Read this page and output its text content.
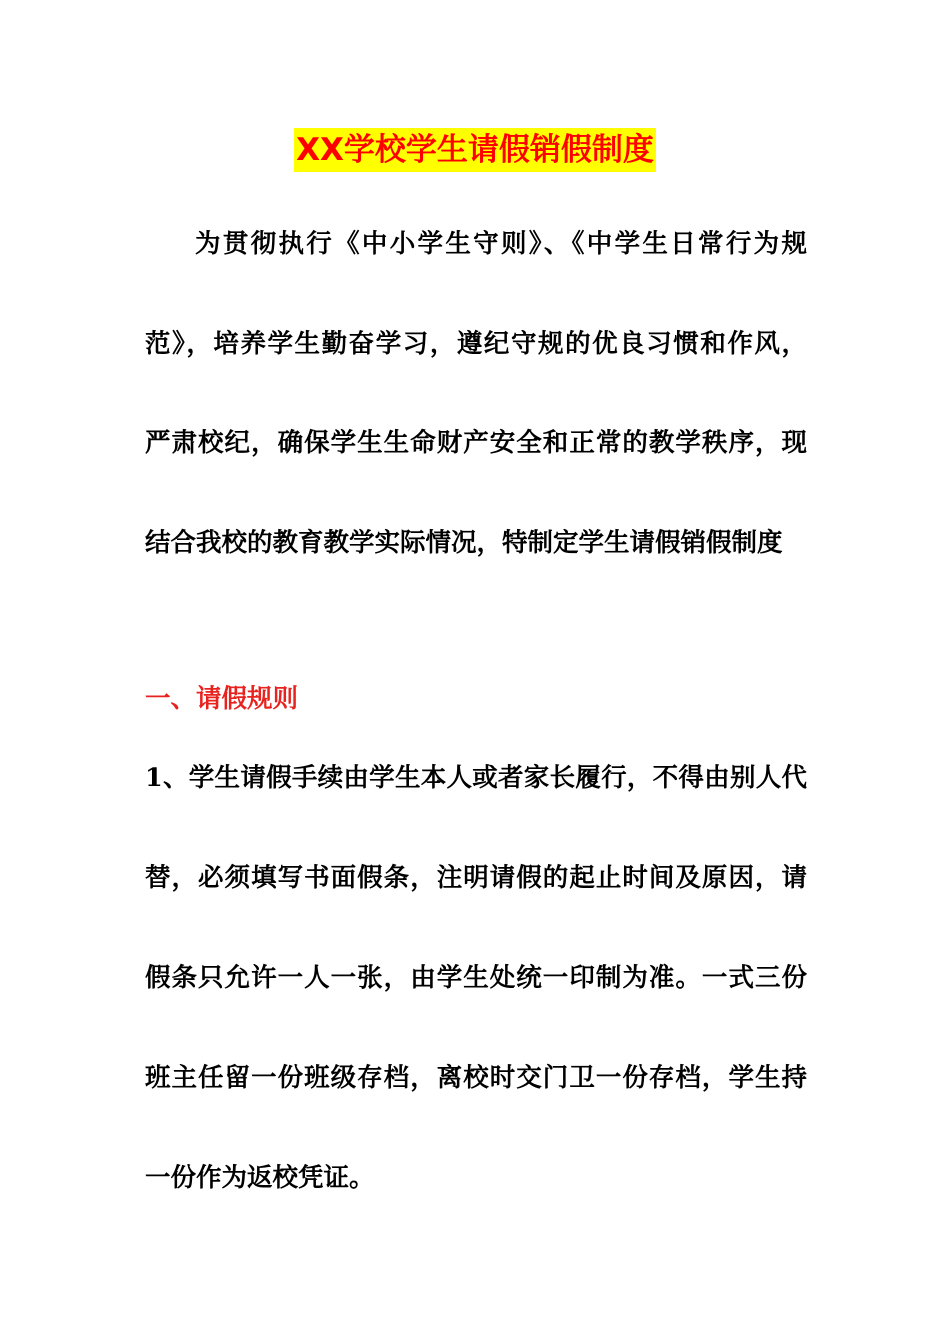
XX学校学生请假销假制度
为贯彻执行《中小学生守则》、《中学生日常行为规
范》，培养学生勤奋学习，遵纪守规的优良习惯和作风，
严肃校纪，确保学生生命财产安全和正常的教学秩序，现
结合我校的教育教学实际情况，特制定学生请假销假制度
一、请假规则
1、学生请假手续由学生本人或者家长履行，不得由别人代
替，必须填写书面假条，注明请假的起止时间及原因，请
假条只允许一人一张，由学生处统一印制为准。一式三份
班主任留一份班级存档，离校时交门卫一份存档，学生持
一份作为返校凭证。
